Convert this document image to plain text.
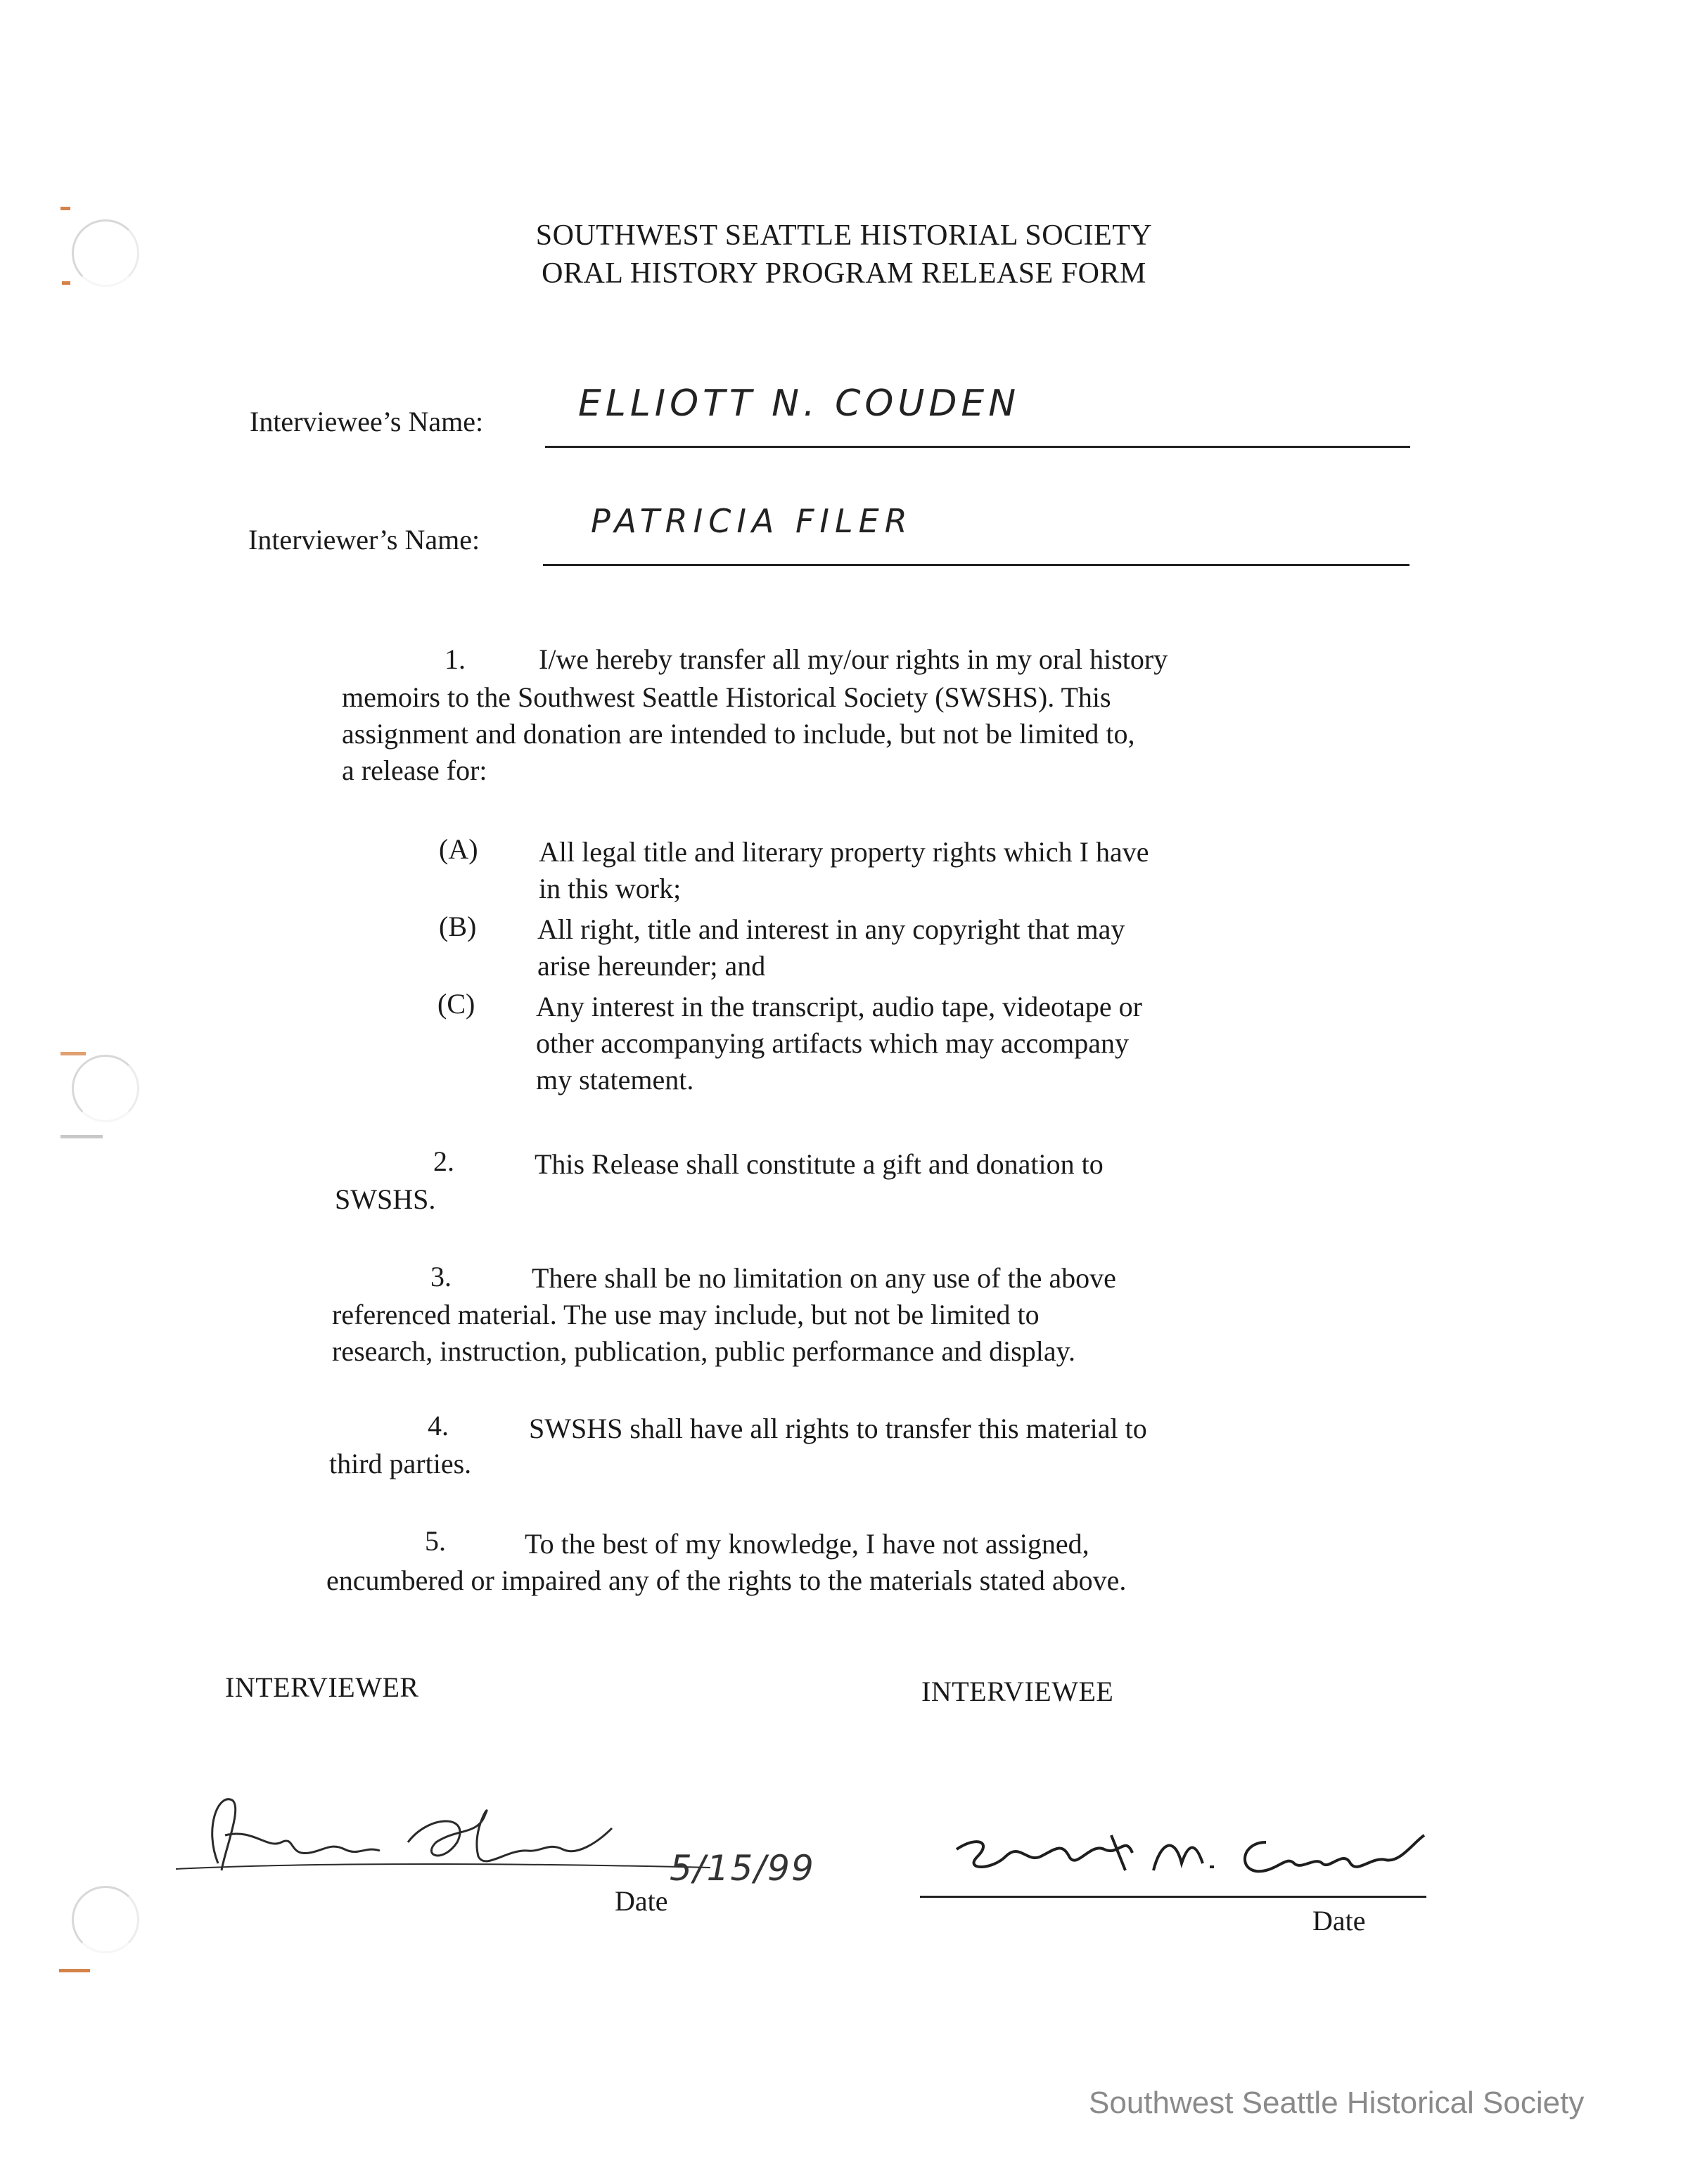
SOUTHWEST SEATTLE HISTORIAL SOCIETY
ORAL HISTORY PROGRAM RELEASE FORM
Interviewee’s Name:	ELLIOTT N. COUDEN
Interviewer’s Name:	PATRICIA FILER
1.	I/we hereby transfer all my/our rights in my oral history
memoirs to the Southwest Seattle Historical Society (SWSHS). This
assignment and donation are intended to include, but not be limited to,
a release for:
(A) All legal title and literary property rights which I have
in this work;
(B) All right, title and interest in any copyright that may
arise hereunder; and
(C) Any interest in the transcript, audio tape, videotape or
other accompanying artifacts which may accompany
my statement.
2.	This Release shall constitute a gift and donation to
SWSHS.
3.	There shall be no limitation on any use of the above
referenced material. The use may include, but not be limited to
research, instruction, publication, public performance and display.
4.	SWSHS shall have all rights to transfer this material to
third parties.
5.	To the best of my knowledge, I have not assigned,
encumbered or impaired any of the rights to the materials stated above.
INTERVIEWER	INTERVIEWEE
5/15/99
Date
Date
Southwest Seattle Historical Society
